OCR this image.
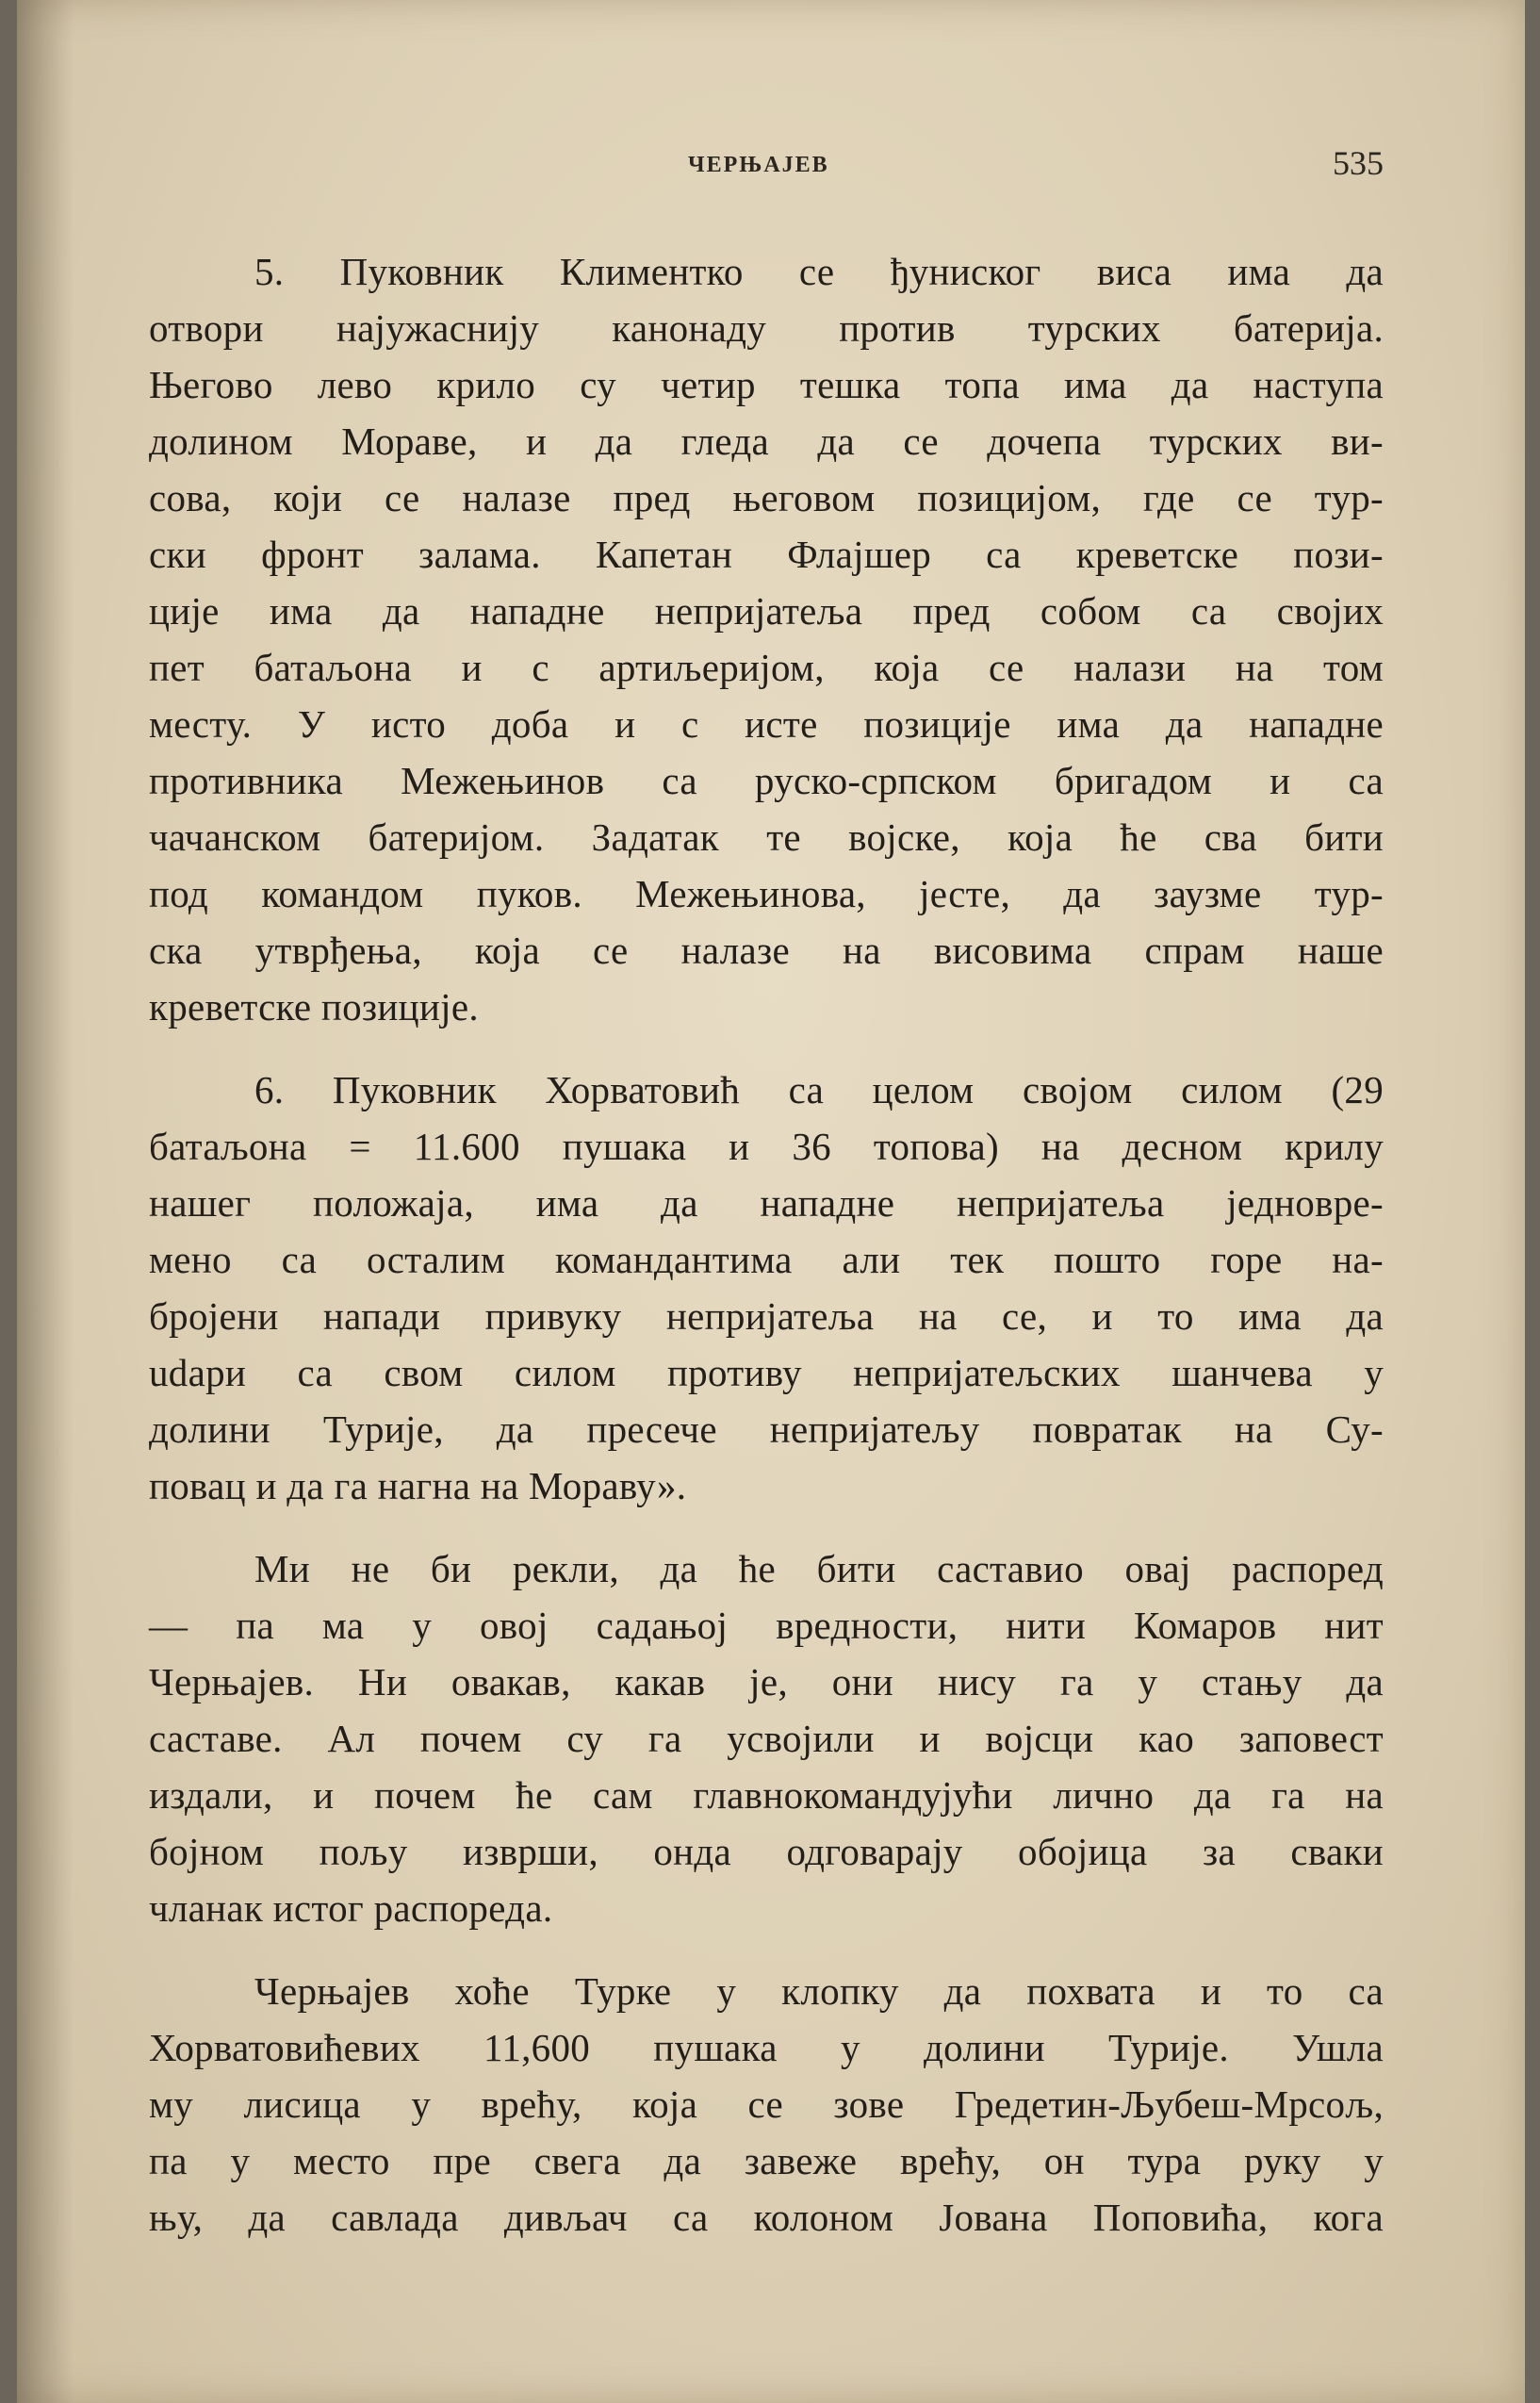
ЧЕРЊАЈЕВ	535
5. Пуковник Климентко се ђуниског виса има да
отвори најужаснију канонаду против турских батерија.
Његово лево крило су четир тешка топа има да наступа
долином Мораве, и да гледа да се дочепа турских ви-
сова, који се налазе пред његовом позицијом, где се тур-
ски фронт залама. Капетан Флајшер са креветске пози-
ције има да нападне непријатеља пред собом са својих
пет батаљона и с артиљеријом, која се налази на том
месту. У исто доба и с исте позиције има да нападне
противника Межењинов са руско-српском бригадом и са
чачанском батеријом. Задатак те војске, која ће сва бити
под командом пуков. Межењинова, јесте, да заузме тур-
ска утврђења, која се налазе на висовима спрам наше
креветске позиције.
6. Пуковник Хорватовић са целом својом силом (29
батаљона = 11.600 пушака и 36 топова) на десном крилу
нашег положаја, има да нападне непријатеља једновре-
мено са осталим командантима али тек пошто горе на-
бројени напади привуку непријатеља на се, и то има да
udари са свом силом противу непријатељских шанчева у
долини Турије, да пресече непријатељу повратак на Су-
повац и да га нагна на Мораву».
Ми не би рекли, да ће бити саставио овај распоред
— па ма у овој садањој вредности, нити Комаров нит
Черњајев. Ни овакав, какав је, они нису га у стању да
саставе. Ал почем су га усвојили и војсци као заповест
издали, и почем ће сам главнокомандујући лично да га на
бојном пољу изврши, онда одговарају обојица за сваки
чланак истог распореда.
Черњајев хоће Турке у клопку да похвата и то са
Хорватовићевих 11,600 пушака у долини Турије. Ушла
му лисица у врећу, која се зове Гредетин-Љубеш-Мрсољ,
па у место пре свега да завеже врећу, он тура руку у
њу, да савлада дивљач са колоном Јована Поповића, кога
